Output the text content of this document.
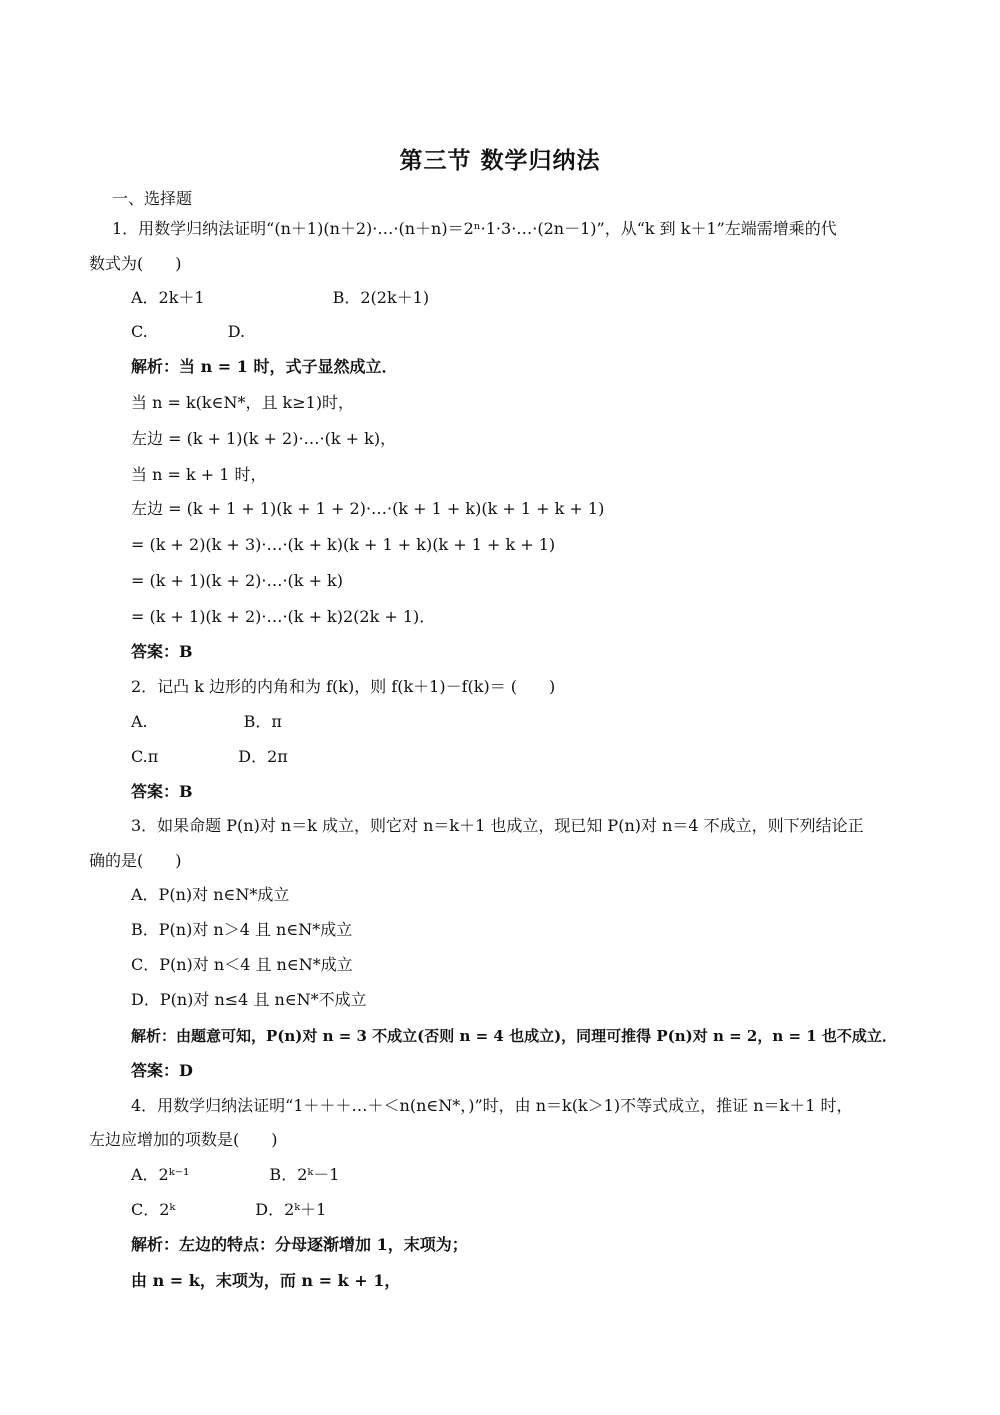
第三节 数学归纳法
一、选择题
1．用数学归纳法证明“(n＋1)(n＋2)·…·(n＋n)＝2ⁿ·1·3·…·(2n－1)”，从“k 到 k＋1”左端需增乘的代
数式为(　　)
A．2k＋1　　　　　　　　B．2(2k＋1)
C.　　　　　D.
解析：当 n = 1 时，式子显然成立．
当 n = k(k∈N*，且 k≥1)时，
左边 = (k + 1)(k + 2)·…·(k + k)，
当 n = k + 1 时，
左边 = (k + 1 + 1)(k + 1 + 2)·…·(k + 1 + k)(k + 1 + k + 1)
= (k + 2)(k + 3)·…·(k + k)(k + 1 + k)(k + 1 + k + 1)
= (k + 1)(k + 2)·…·(k + k)
= (k + 1)(k + 2)·…·(k + k)2(2k + 1)．
答案：B
2．记凸 k 边形的内角和为 f(k)，则 f(k＋1)－f(k)＝ (　　)
A.　　　　　　B．π
C.π　　　　　D．2π
答案：B
3．如果命题 P(n)对 n＝k 成立，则它对 n＝k＋1 也成立，现已知 P(n)对 n＝4 不成立，则下列结论正
确的是(　　)
A．P(n)对 n∈N*成立
B．P(n)对 n＞4 且 n∈N*成立
C．P(n)对 n＜4 且 n∈N*成立
D．P(n)对 n≤4 且 n∈N*不成立
解析：由题意可知，P(n)对 n = 3 不成立(否则 n = 4 也成立)，同理可推得 P(n)对 n = 2，n = 1 也不成立．
答案：D
4．用数学归纳法证明“1＋＋＋…＋＜n(n∈N*，)”时，由 n＝k(k＞1)不等式成立，推证 n＝k＋1 时，
左边应增加的项数是(　　)
A．2ᵏ⁻¹　　　　　B．2ᵏ－1
C．2ᵏ　　　　　D．2ᵏ＋1
解析：左边的特点：分母逐渐增加 1，末项为；
由 n = k，末项为，而 n = k + 1，
